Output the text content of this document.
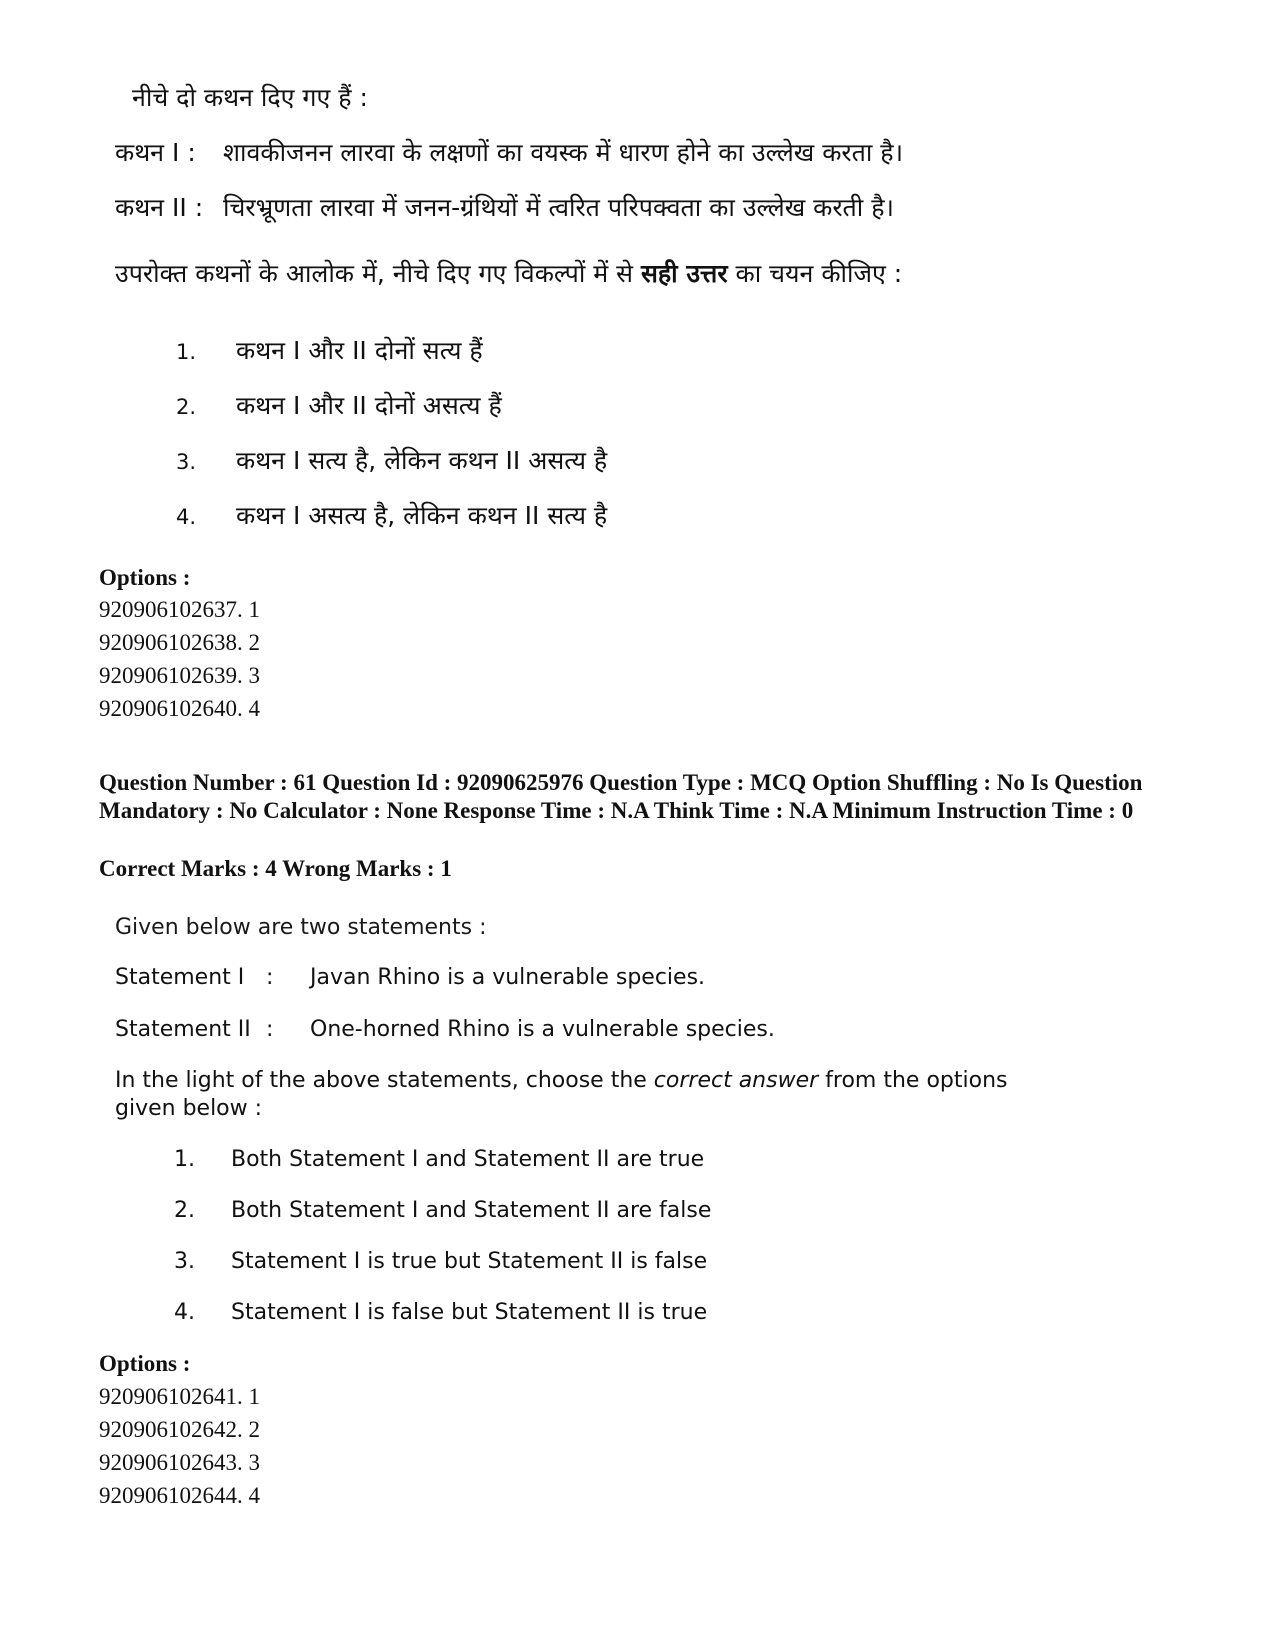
नीचे दो कथन दिए गए हैं :
कथन I : शावकीजनन लारवा के लक्षणों का वयस्क में धारण होने का उल्लेख करता है।
कथन II : चिरभ्रूणता लारवा में जनन-ग्रंथियों में त्वरित परिपक्वता का उल्लेख करती है।
उपरोक्त कथनों के आलोक में, नीचे दिए गए विकल्पों में से सही उत्तर का चयन कीजिए :
1. कथन I और II दोनों सत्य हैं
2. कथन I और II दोनों असत्य हैं
3. कथन I सत्य है, लेकिन कथन II असत्य है
4. कथन I असत्य है, लेकिन कथन II सत्य है
Options :
920906102637. 1
920906102638. 2
920906102639. 3
920906102640. 4
Question Number : 61 Question Id : 92090625976 Question Type : MCQ Option Shuffling : No Is Question Mandatory : No Calculator : None Response Time : N.A Think Time : N.A Minimum Instruction Time : 0
Correct Marks : 4 Wrong Marks : 1
Given below are two statements :
Statement I : Javan Rhino is a vulnerable species.
Statement II : One-horned Rhino is a vulnerable species.
In the light of the above statements, choose the correct answer from the options given below :
1. Both Statement I and Statement II are true
2. Both Statement I and Statement II are false
3. Statement I is true but Statement II is false
4. Statement I is false but Statement II is true
Options :
920906102641. 1
920906102642. 2
920906102643. 3
920906102644. 4
